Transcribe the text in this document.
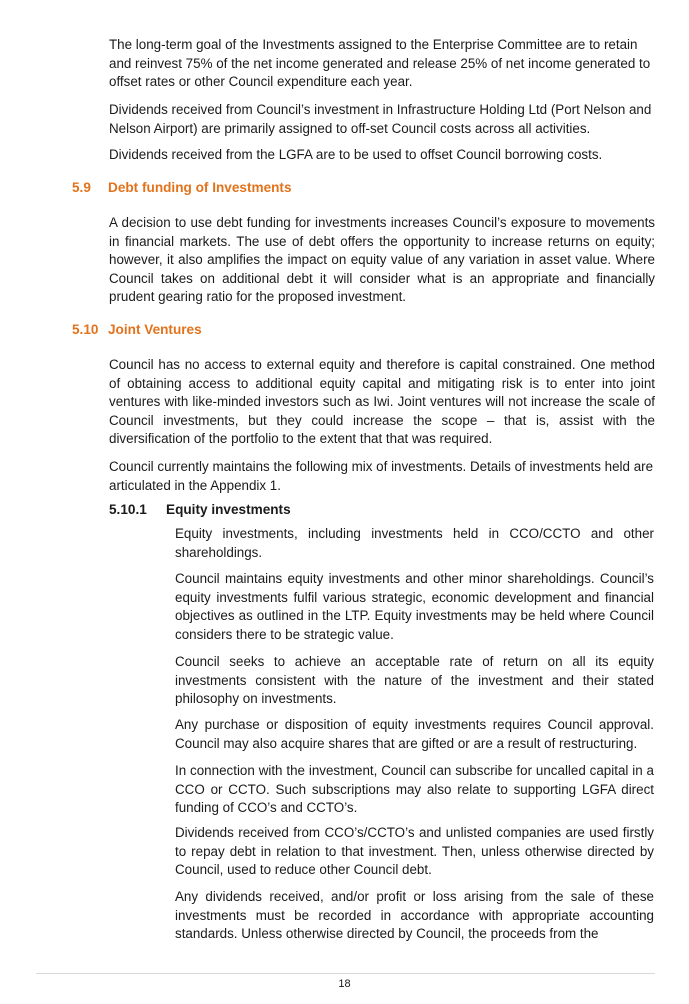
The long-term goal of the Investments assigned to the Enterprise Committee are to retain and reinvest 75% of the net income generated and release 25% of net income generated to offset rates or other Council expenditure each year.

Dividends received from Council’s investment in Infrastructure Holding Ltd (Port Nelson and Nelson Airport) are primarily assigned to off-set Council costs across all activities.

Dividends received from the LGFA are to be used to offset Council borrowing costs.

5.9 Debt funding of Investments

A decision to use debt funding for investments increases Council’s exposure to movements in financial markets. The use of debt offers the opportunity to increase returns on equity; however, it also amplifies the impact on equity value of any variation in asset value. Where Council takes on additional debt it will consider what is an appropriate and financially prudent gearing ratio for the proposed investment.

5.10 Joint Ventures

Council has no access to external equity and therefore is capital constrained. One method of obtaining access to additional equity capital and mitigating risk is to enter into joint ventures with like-minded investors such as Iwi. Joint ventures will not increase the scale of Council investments, but they could increase the scope – that is, assist with the diversification of the portfolio to the extent that that was required.

Council currently maintains the following mix of investments. Details of investments held are articulated in the Appendix 1.

5.10.1 Equity investments

Equity investments, including investments held in CCO/CCTO and other shareholdings.

Council maintains equity investments and other minor shareholdings. Council’s equity investments fulfil various strategic, economic development and financial objectives as outlined in the LTP. Equity investments may be held where Council considers there to be strategic value.

Council seeks to achieve an acceptable rate of return on all its equity investments consistent with the nature of the investment and their stated philosophy on investments.

Any purchase or disposition of equity investments requires Council approval. Council may also acquire shares that are gifted or are a result of restructuring.

In connection with the investment, Council can subscribe for uncalled capital in a CCO or CCTO. Such subscriptions may also relate to supporting LGFA direct funding of CCO’s and CCTO’s.

Dividends received from CCO’s/CCTO’s and unlisted companies are used firstly to repay debt in relation to that investment. Then, unless otherwise directed by Council, used to reduce other Council debt.

Any dividends received, and/or profit or loss arising from the sale of these investments must be recorded in accordance with appropriate accounting standards. Unless otherwise directed by Council, the proceeds from the

18
